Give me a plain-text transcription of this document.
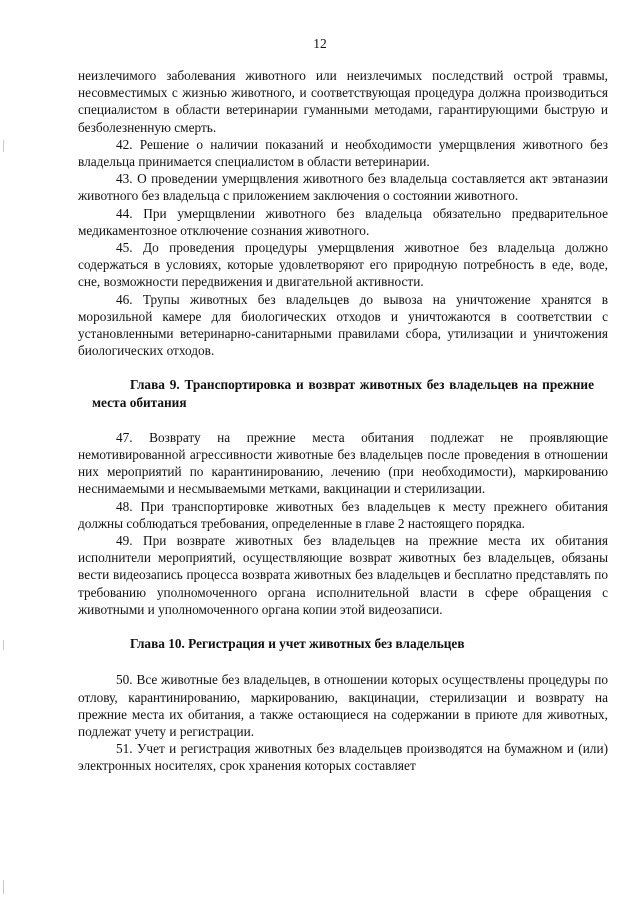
12

неизлечимого заболевания животного или неизлечимых последствий острой травмы, несовместимых с жизнью животного, и соответствующая процедура должна производиться специалистом в области ветеринарии гуманными методами, гарантирующими быструю и безболезненную смерть.

42. Решение о наличии показаний и необходимости умерщвления животного без владельца принимается специалистом в области ветеринарии.

43. О проведении умерщвления животного без владельца составляется акт эвтаназии животного без владельца с приложением заключения о состоянии животного.

44. При умерщвлении животного без владельца обязательно предварительное медикаментозное отключение сознания животного.

45. До проведения процедуры умерщвления животное без владельца должно содержаться в условиях, которые удовлетворяют его природную потребность в еде, воде, сне, возможности передвижения и двигательной активности.

46. Трупы животных без владельцев до вывоза на уничтожение хранятся в морозильной камере для биологических отходов и уничтожаются в соответствии с установленными ветеринарно-санитарными правилами сбора, утилизации и уничтожения биологических отходов.

Глава 9. Транспортировка и возврат животных без владельцев на прежние места обитания

47. Возврату на прежние места обитания подлежат не проявляющие немотивированной агрессивности животные без владельцев после проведения в отношении них мероприятий по карантинированию, лечению (при необходимости), маркированию неснимаемыми и несмываемыми метками, вакцинации и стерилизации.

48. При транспортировке животных без владельцев к месту прежнего обитания должны соблюдаться требования, определенные в главе 2 настоящего порядка.

49. При возврате животных без владельцев на прежние места их обитания исполнители мероприятий, осуществляющие возврат животных без владельцев, обязаны вести видеозапись процесса возврата животных без владельцев и бесплатно представлять по требованию уполномоченного органа исполнительной власти в сфере обращения с животными и уполномоченного органа копии этой видеозаписи.

Глава 10. Регистрация и учет животных без владельцев

50. Все животные без владельцев, в отношении которых осуществлены процедуры по отлову, карантинированию, маркированию, вакцинации, стерилизации и возврату на прежние места их обитания, а также остающиеся на содержании в приюте для животных, подлежат учету и регистрации.

51. Учет и регистрация животных без владельцев производятся на бумажном и (или) электронных носителях, срок хранения которых составляет
